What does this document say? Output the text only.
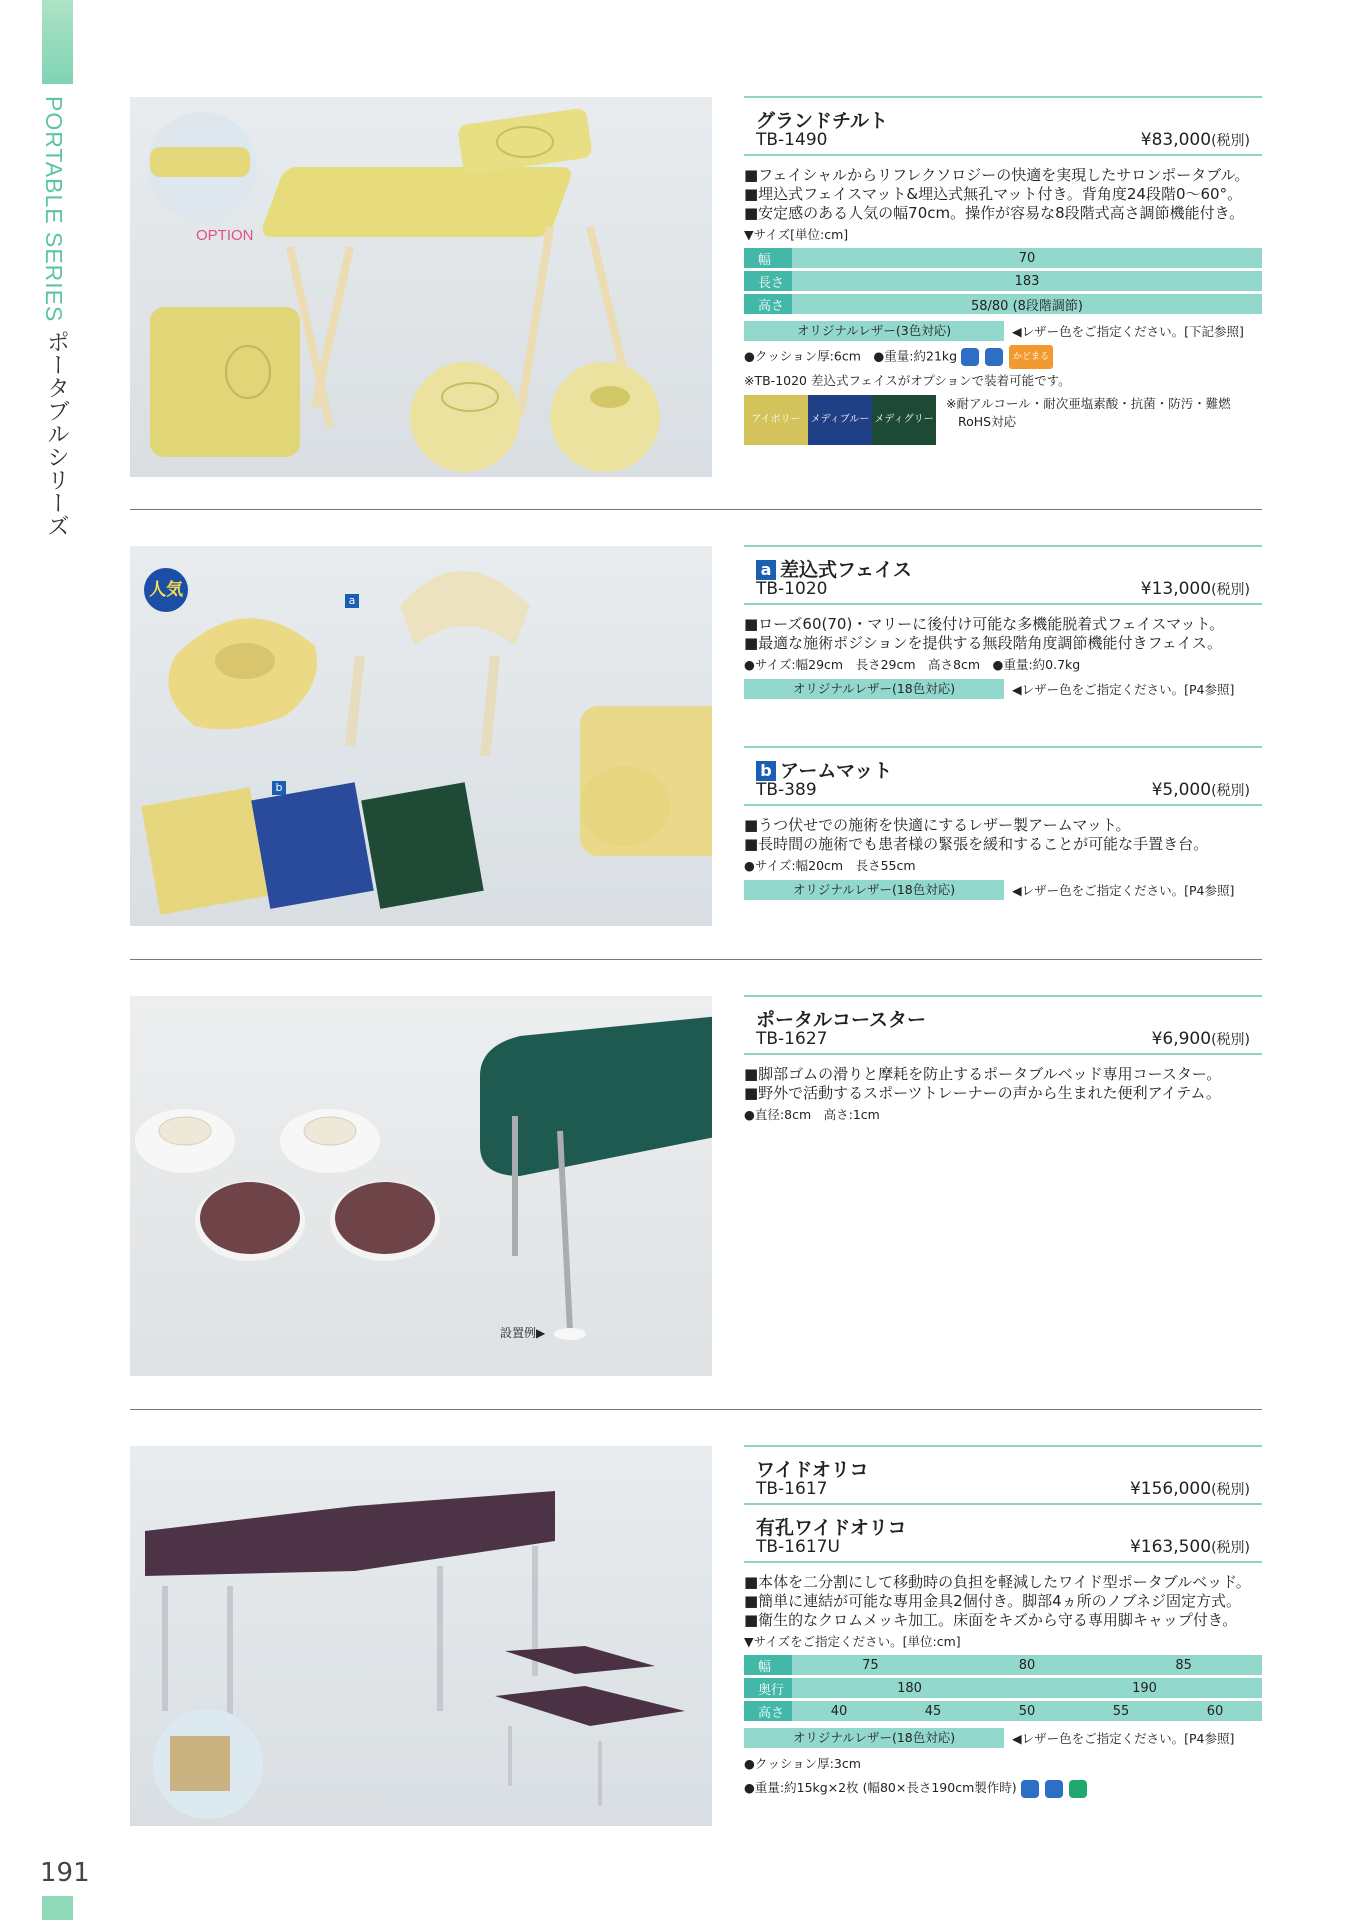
PORTABLE SERIES
ポータブルシリーズ
191
OPTION
グランドチルト
TB-1490	¥83,000(税別)
■フェイシャルからリフレクソロジーの快適を実現したサロンポータブル。
■埋込式フェイスマット&埋込式無孔マット付き。背角度24段階0〜60°。
■安定感のある人気の幅70cm。操作が容易な8段階式高さ調節機能付き。
▼サイズ[単位:cm]
幅	70
長さ	183
高さ	58/80 (8段階調節)
オリジナルレザー(3色対応)	◀レザー色をご指定ください。[下記参照]
●クッション厚:6cm　●重量:約21kg	かどまる
※TB-1020 差込式フェイスがオプションで装着可能です。
アイボリー	メディブルー メディグリーン
※耐アルコール・耐次亜塩素酸・抗菌・防汚・難燃
RoHS対応
人気
a
b
a 差込式フェイス
TB-1020	¥13,000(税別)
■ローズ60(70)・マリーに後付け可能な多機能脱着式フェイスマット。
■最適な施術ポジションを提供する無段階角度調節機能付きフェイス。
●サイズ:幅29cm　長さ29cm　高さ8cm　●重量:約0.7kg
オリジナルレザー(18色対応)	◀レザー色をご指定ください。[P4参照]
b アームマット
TB-389	¥5,000(税別)
■うつ伏せでの施術を快適にするレザー製アームマット。
■長時間の施術でも患者様の緊張を緩和することが可能な手置き台。
●サイズ:幅20cm　長さ55cm
オリジナルレザー(18色対応)	◀レザー色をご指定ください。[P4参照]
設置例▶
ポータルコースター
TB-1627	¥6,900(税別)
■脚部ゴムの滑りと摩耗を防止するポータブルベッド専用コースター。
■野外で活動するスポーツトレーナーの声から生まれた便利アイテム。
●直径:8cm　高さ:1cm
ワイドオリコ
TB-1617	¥156,000(税別)
有孔ワイドオリコ
TB-1617U	¥163,500(税別)
■本体を二分割にして移動時の負担を軽減したワイド型ポータブルベッド。
■簡単に連結が可能な専用金具2個付き。脚部4ヵ所のノブネジ固定方式。
■衛生的なクロムメッキ加工。床面をキズから守る専用脚キャップ付き。
▼サイズをご指定ください。[単位:cm]
幅	75 80 85

奥行	180 190

高さ	40 45 50 55 60
オリジナルレザー(18色対応)	◀レザー色をご指定ください。[P4参照]
●クッション厚:3cm
●重量:約15kg×2枚 (幅80×長さ190cm製作時)
